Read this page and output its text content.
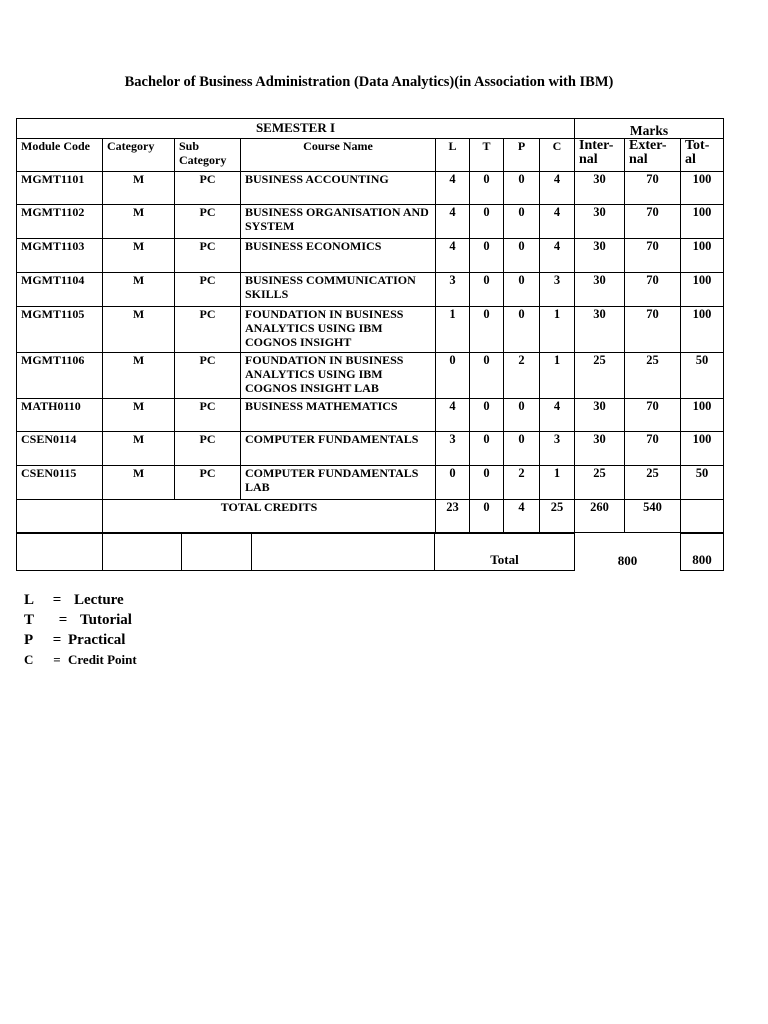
Bachelor of Business Administration (Data Analytics)(in Association with IBM)
SEMESTER I								Marks		
Module Code	Category	Sub Category	Course Name	L	T	P	C	Inter-nal	Exter-nal	Tot-al
MGMT1101	M	PC	BUSINESS ACCOUNTING	4	0	0	4	30	70	100
MGMT1102	M	PC	BUSINESS ORGANISATION AND SYSTEM	4	0	0	4	30	70	100
MGMT1103	M	PC	BUSINESS ECONOMICS	4	0	0	4	30	70	100
MGMT1104	M	PC	BUSINESS COMMUNICATION SKILLS	3	0	0	3	30	70	100
MGMT1105	M	PC	FOUNDATION IN BUSINESS ANALYTICS USING IBM COGNOS INSIGHT	1	0	0	1	30	70	100
MGMT1106	M	PC	FOUNDATION IN BUSINESS ANALYTICS USING IBM COGNOS INSIGHT LAB	0	0	2	1	25	25	50
MATH0110	M	PC	BUSINESS MATHEMATICS	4	0	0	4	30	70	100
CSEN0114	M	PC	COMPUTER FUNDAMENTALS	3	0	0	3	30	70	100
CSEN0115	M	PC	COMPUTER FUNDAMENTALS LAB	0	0	2	1	25	25	50
	TOTAL CREDITS			23	0	4	25	260	540	
				Total	800	800
L	= Lecture
T	= Tutorial
P	= Practical
C	= Credit Point
